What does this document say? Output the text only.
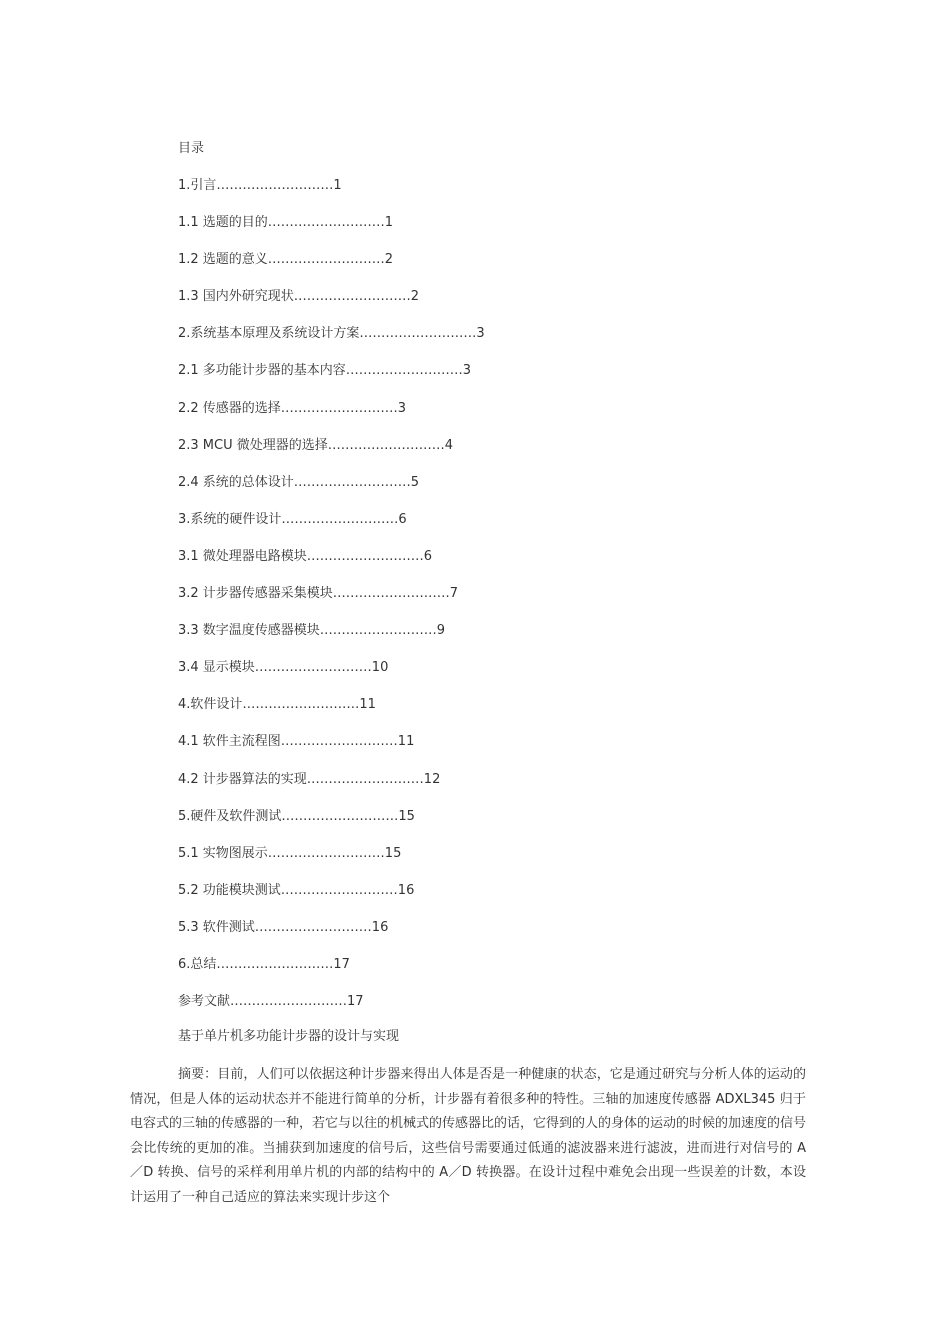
目录
1.引言………………………1
1.1 选题的目的………………………1
1.2 选题的意义………………………2
1.3 国内外研究现状………………………2
2.系统基本原理及系统设计方案………………………3
2.1 多功能计步器的基本内容………………………3
2.2 传感器的选择………………………3
2.3 MCU 微处理器的选择………………………4
2.4 系统的总体设计………………………5
3.系统的硬件设计………………………6
3.1 微处理器电路模块………………………6
3.2 计步器传感器采集模块………………………7
3.3 数字温度传感器模块………………………9
3.4 显示模块………………………10
4.软件设计………………………11
4.1 软件主流程图………………………11
4.2 计步器算法的实现………………………12
5.硬件及软件测试………………………15
5.1 实物图展示………………………15
5.2 功能模块测试………………………16
5.3 软件测试………………………16
6.总结………………………17
参考文献………………………17
基于单片机多功能计步器的设计与实现

摘要：目前，人们可以依据这种计步器来得出人体是否是一种健康的状态，它是通过研究与分析人体的运动的情况，但是人体的运动状态并不能进行简单的分析，计步器有着很多种的特性。三轴的加速度传感器 ADXL345 归于电容式的三轴的传感器的一种，若它与以往的机械式的传感器比的话，它得到的人的身体的运动的时候的加速度的信号会比传统的更加的准。当捕获到加速度的信号后，这些信号需要通过低通的滤波器来进行滤波，进而进行对信号的 A／D 转换、信号的采样利用单片机的内部的结构中的 A／D 转换器。在设计过程中难免会出现一些误差的计数，本设计运用了一种自己适应的算法来实现计步这个
